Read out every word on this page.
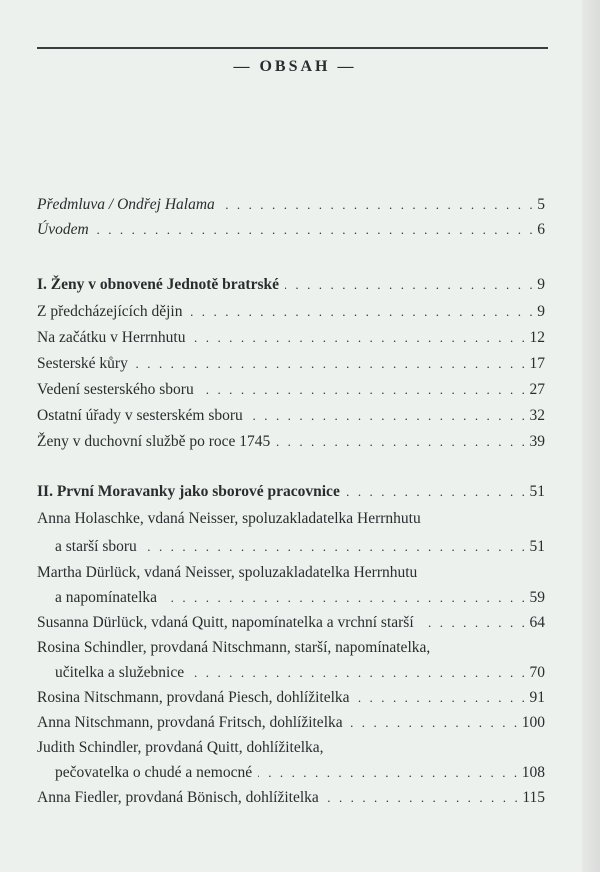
— OBSAH —
Předmluva / Ondřej Halama . . .	5
Úvodem . . .	6
I. Ženy v obnovené Jednotě bratrské . . .	9
Z předcházejících dějin . . .	9
Na začátku v Herrnhutu . . .	12
Sesterské kůry . . .	17
Vedení sesterského sboru . . .	27
Ostatní úřady v sesterském sboru . . .	32
Ženy v duchovní službě po roce 1745 . . .	39
II. První Moravanky jako sborové pracovnice . . .	51
Anna Holaschke, vdaná Neisser, spoluzakladatelka Herrnhutu
a starší sboru . . .	51
Martha Dürlück, vdaná Neisser, spoluzakladatelka Herrnhutu
a napomínatelka . . .	59
Susanna Dürlück, vdaná Quitt, napomínatelka a vrchní starší . . .	64
Rosina Schindler, provdaná Nitschmann, starší, napomínatelka,
učitelka a služebnice . . .	70
Rosina Nitschmann, provdaná Piesch, dohlížitelka . . .	91
Anna Nitschmann, provdaná Fritsch, dohlížitelka . . .	100
Judith Schindler, provdaná Quitt, dohlížitelka,
pečovatelka o chudé a nemocné . . .	108
Anna Fiedler, provdaná Bönisch, dohlížitelka . . .	115
